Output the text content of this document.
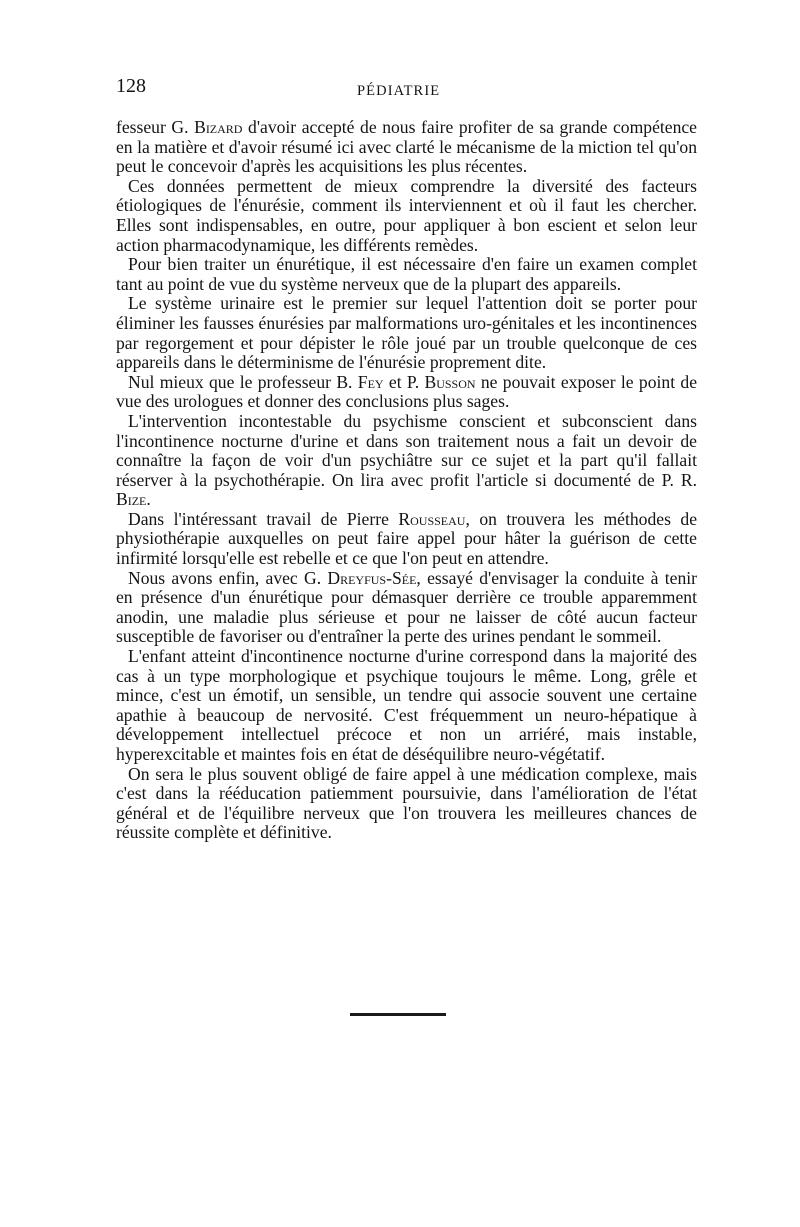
128	PÉDIATRIE

fesseur G. Bizard d'avoir accepté de nous faire profiter de sa grande compétence en la matière et d'avoir résumé ici avec clarté le mécanisme de la miction tel qu'on peut le concevoir d'après les acquisitions les plus récentes.

Ces données permettent de mieux comprendre la diversité des facteurs étiologiques de l'énurésie, comment ils interviennent et où il faut les chercher. Elles sont indispensables, en outre, pour appliquer à bon escient et selon leur action pharmacodynamique, les différents remèdes.

Pour bien traiter un énurétique, il est nécessaire d'en faire un examen complet tant au point de vue du système nerveux que de la plupart des appareils.

Le système urinaire est le premier sur lequel l'attention doit se porter pour éliminer les fausses énurésies par malformations uro-génitales et les incontinences par regorgement et pour dépister le rôle joué par un trouble quelconque de ces appareils dans le déterminisme de l'énurésie proprement dite.

Nul mieux que le professeur B. Fey et P. Busson ne pouvait exposer le point de vue des urologues et donner des conclusions plus sages.

L'intervention incontestable du psychisme conscient et subconscient dans l'incontinence nocturne d'urine et dans son traitement nous a fait un devoir de connaître la façon de voir d'un psychiâtre sur ce sujet et la part qu'il fallait réserver à la psychothérapie. On lira avec profit l'article si documenté de P. R. Bize.

Dans l'intéressant travail de Pierre Rousseau, on trouvera les méthodes de physiothérapie auxquelles on peut faire appel pour hâter la guérison de cette infirmité lorsqu'elle est rebelle et ce que l'on peut en attendre.

Nous avons enfin, avec G. Dreyfus-Sée, essayé d'envisager la conduite à tenir en présence d'un énurétique pour démasquer derrière ce trouble apparemment anodin, une maladie plus sérieuse et pour ne laisser de côté aucun facteur susceptible de favoriser ou d'entraîner la perte des urines pendant le sommeil.

L'enfant atteint d'incontinence nocturne d'urine correspond dans la majorité des cas à un type morphologique et psychique toujours le même. Long, grêle et mince, c'est un émotif, un sensible, un tendre qui associe souvent une certaine apathie à beaucoup de nervosité. C'est fréquemment un neuro-hépatique à développement intellectuel précoce et non un arriéré, mais instable, hyperexcitable et maintes fois en état de déséquilibre neuro-végétatif.

On sera le plus souvent obligé de faire appel à une médication complexe, mais c'est dans la rééducation patiemment poursuivie, dans l'amélioration de l'état général et de l'équilibre nerveux que l'on trouvera les meilleures chances de réussite complète et définitive.
